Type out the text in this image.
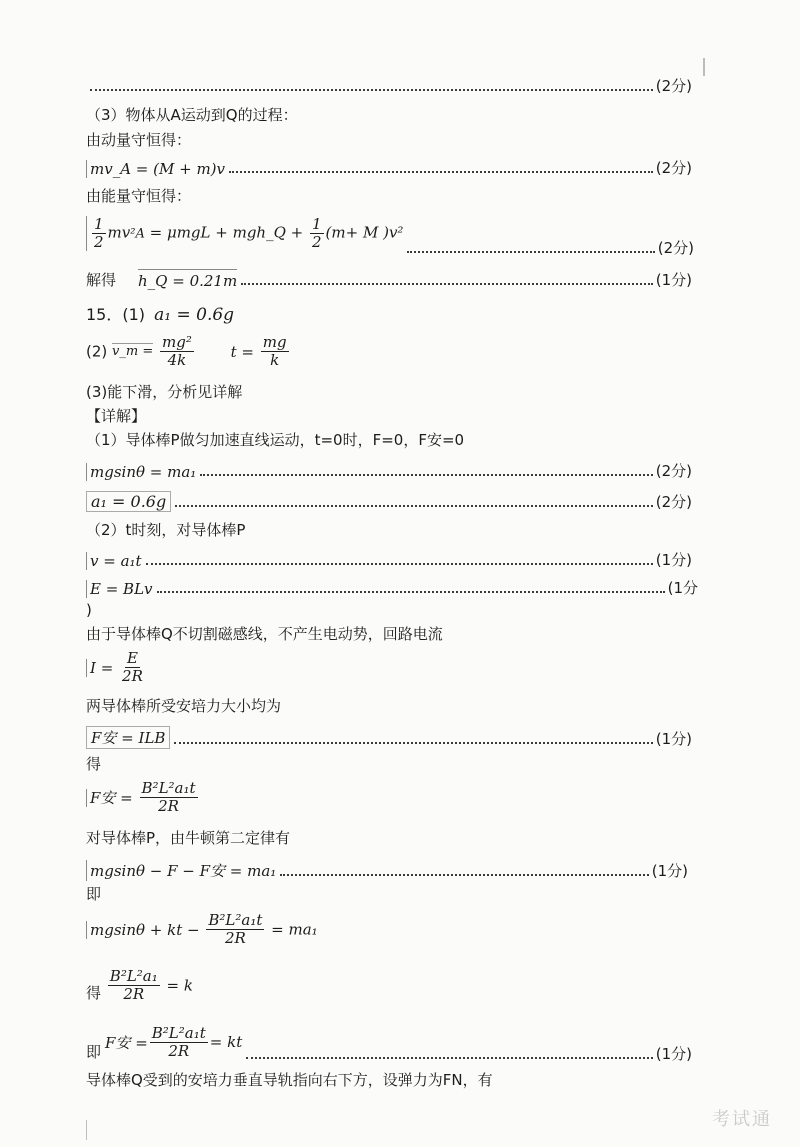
(2分)
（3）物体从A运动到Q的过程：
由动量守恒得：
mv_A = (M + m)v	(2分)
由能量守恒得：
$\frac{1}{2} mv^2A = \mu mgL$ + mgh_Q + $\frac{1}{2} (m+ M$ )v²
(2分)
解得 h_Q = 0.21m	(1分)
15．(1) a₁ = 0.6g
(2) v_m = $\frac{\text{mg²}}{4k}$ $t = \frac{mg}{k}$
(3)能下滑，分析见详解
【详解】
（1）导体棒P做匀加速直线运动，t=0时，F=0，F安=0
mgsinθ = ma₁	(2分)
a₁ = 0.6g	(2分)
（2）t时刻，对导体棒P
v = a₁t	(1分)
E = BLv	(1分
)
由于导体棒Q不切割磁感线，不产生电动势，回路电流
$I = \frac{E}{2R}$
两导体棒所受安培力大小均为
F安 = ILB	(1分)
得
F安 = $\frac{\text{B²L²a₁t}}{2R}$
对导体棒P，由牛顿第二定律有
mgsinθ − F − F安 = ma₁	(1分)
即
mgsinθ + kt − $\frac{\text{B²L²a₁t}}{2R} = ma_1$
得 $\frac{\text{B²L²a₁}}{2R} = k$
即
F安 = $\frac{\text{B²L²a₁t}}{2R}$ = kt
(1分)
导体棒Q受到的安培力垂直导轨指向右下方，设弹力为FN，有
考试通
